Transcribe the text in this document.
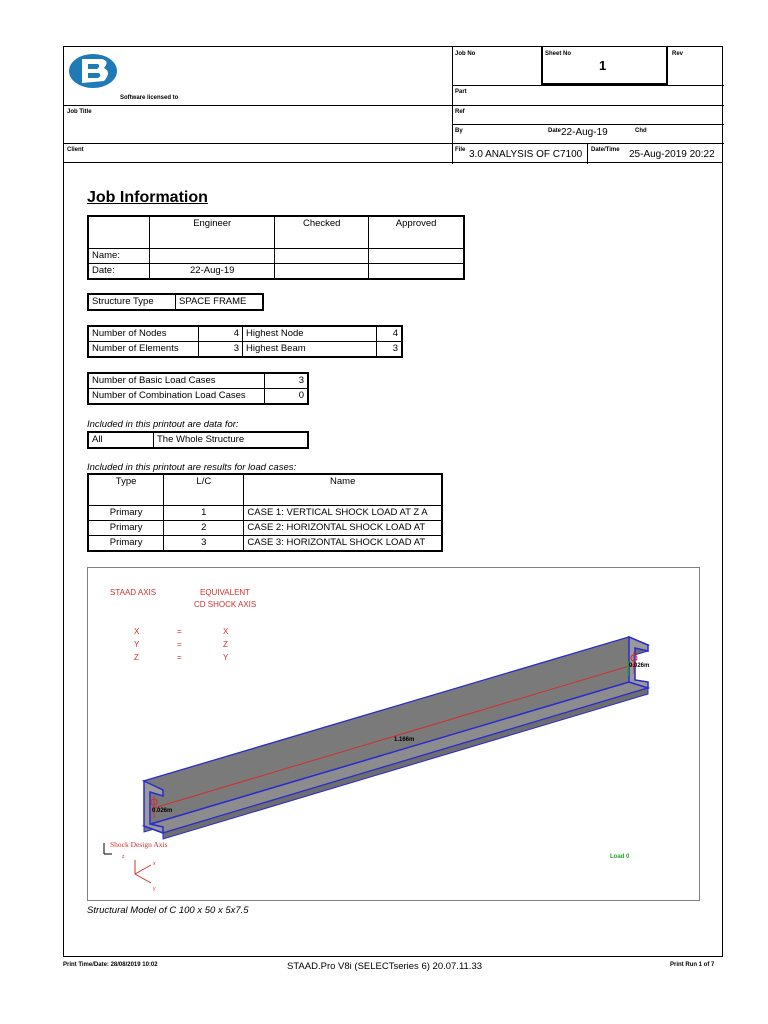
Software licensed to
Job No	Sheet No
1
Rev
Part
Ref
By	Date 22-Aug-19	Chd
Job Title
Client	File 3.0 ANALYSIS OF C7100 Date/Time 25-Aug-2019 20:22
Job Information
	Engineer	Checked	Approved
Name:			
Date:	22-Aug-19		
Structure Type	SPACE FRAME
Number of Nodes	4	Highest Node	4
Number of Elements	3	Highest Beam	3
Number of Basic Load Cases	3
Number of Combination Load Cases	0
Included in this printout are data for:
All	The Whole Structure
Included in this printout are results for load cases:
Type	L/C	Name
Primary	1	CASE 1: VERTICAL SHOCK LOAD AT Z A
Primary	2	CASE 2: HORIZONTAL SHOCK LOAD AT
Primary	3	CASE 3: HORIZONTAL SHOCK LOAD AT
STAAD AXIS	EQUIVALENT
CD SHOCK AXIS
X	=	X
Y	=	Z
Z	=	Y
1.166m
0.026m
0.026m
Shock Design Axis
x
y
z	Load 0
Structural Model of C 100 x 50 x 5x7.5
Print Time/Date: 28/08/2019 10:02	STAAD.Pro V8i (SELECTseries 6) 20.07.11.33	Print Run 1 of 7
